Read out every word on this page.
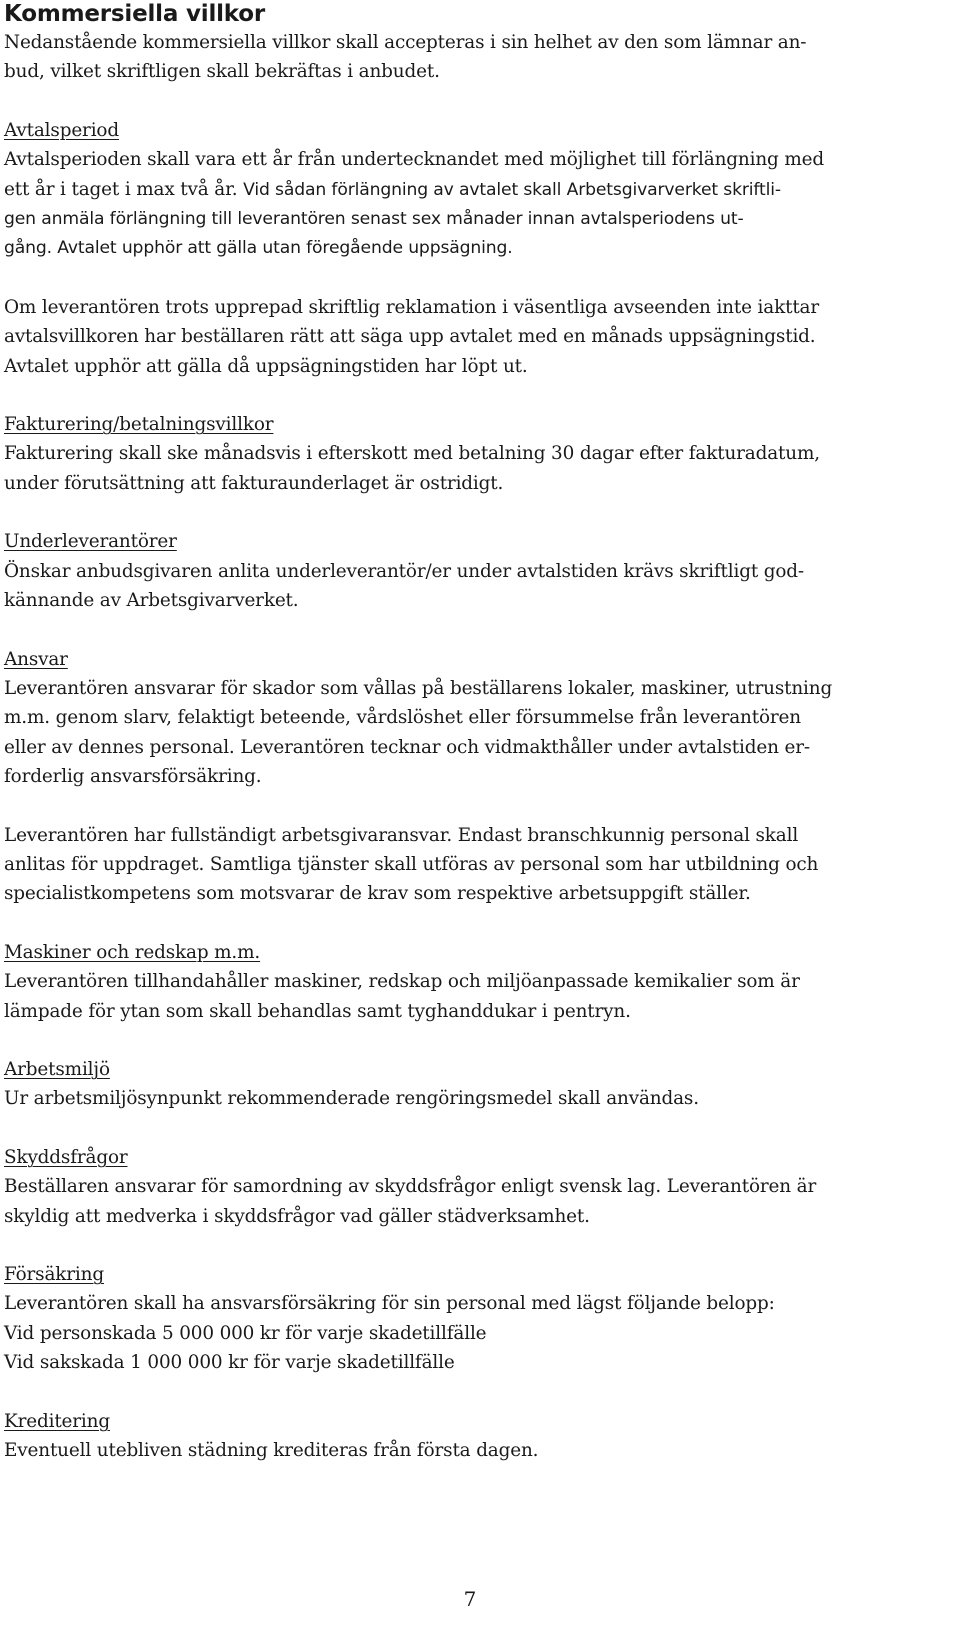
Kommersiella villkor

Nedanstående kommersiella villkor skall accepteras i sin helhet av den som lämnar an-
bud, vilket skriftligen skall bekräftas i anbudet.

Avtalsperiod
Avtalsperioden skall vara ett år från undertecknandet med möjlighet till förlängning med
ett år i taget i max två år. Vid sådan förlängning av avtalet skall Arbetsgivarverket skriftli-
gen anmäla förlängning till leverantören senast sex månader innan avtalsperiodens ut-
gång. Avtalet upphör att gälla utan föregående uppsägning.

Om leverantören trots upprepad skriftlig reklamation i väsentliga avseenden inte iakttar
avtalsvillkoren har beställaren rätt att säga upp avtalet med en månads uppsägningstid.
Avtalet upphör att gälla då uppsägningstiden har löpt ut.

Fakturering/betalningsvillkor
Fakturering skall ske månadsvis i efterskott med betalning 30 dagar efter fakturadatum,
under förutsättning att fakturaunderlaget är ostridigt.

Underleverantörer
Önskar anbudsgivaren anlita underleverantör/er under avtalstiden krävs skriftligt god-
kännande av Arbetsgivarverket.

Ansvar
Leverantören ansvarar för skador som vållas på beställarens lokaler, maskiner, utrustning
m.m. genom slarv, felaktigt beteende, vårdslöshet eller försummelse från leverantören
eller av dennes personal. Leverantören tecknar och vidmakthåller under avtalstiden er-
forderlig ansvarsförsäkring.

Leverantören har fullständigt arbetsgivaransvar. Endast branschkunnig personal skall
anlitas för uppdraget. Samtliga tjänster skall utföras av personal som har utbildning och
specialistkompetens som motsvarar de krav som respektive arbetsuppgift ställer.

Maskiner och redskap m.m.
Leverantören tillhandahåller maskiner, redskap och miljöanpassade kemikalier som är
lämpade för ytan som skall behandlas samt tyghanddukar i pentryn.

Arbetsmiljö
Ur arbetsmiljösynpunkt rekommenderade rengöringsmedel skall användas.

Skyddsfrågor
Beställaren ansvarar för samordning av skyddsfrågor enligt svensk lag. Leverantören är
skyldig att medverka i skyddsfrågor vad gäller städverksamhet.

Försäkring
Leverantören skall ha ansvarsförsäkring för sin personal med lägst följande belopp:
Vid personskada 5 000 000 kr för varje skadetillfälle
Vid sakskada 1 000 000 kr för varje skadetillfälle

Kreditering
Eventuell utebliven städning krediteras från första dagen.

7
